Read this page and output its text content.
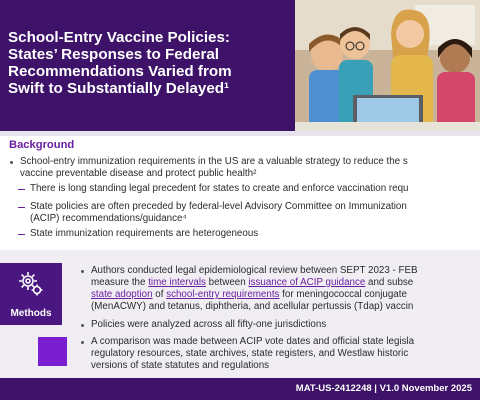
School-Entry Vaccine Policies:
States’ Responses to Federal
Recommendations Varied from
Swift to Substantially Delayed¹
Background
School-entry immunization requirements in the US are a valuable strategy to reduce the s
vaccine preventable disease and protect public health²
There is long standing legal precedent for states to create and enforce vaccination requ
State policies are often preceded by federal-level Advisory Committee on Immunization
(ACIP) recommendations/guidance⁴
State immunization requirements are heterogeneous
Methods
Authors conducted legal epidemiological review between SEPT 2023 - FEB
measure the time intervals between issuance of ACIP guidance and subse
state adoption of school-entry requirements for meningococcal conjugate
(MenACWY) and tetanus, diphtheria, and acellular pertussis (Tdap) vaccin
Policies were analyzed across all fifty-one jurisdictions
A comparison was made between ACIP vote dates and official state legisla
regulatory resources, state archives, state registers, and Westlaw historic
versions of state statutes and regulations
MAT-US-2412248 | V1.0 November 2025
